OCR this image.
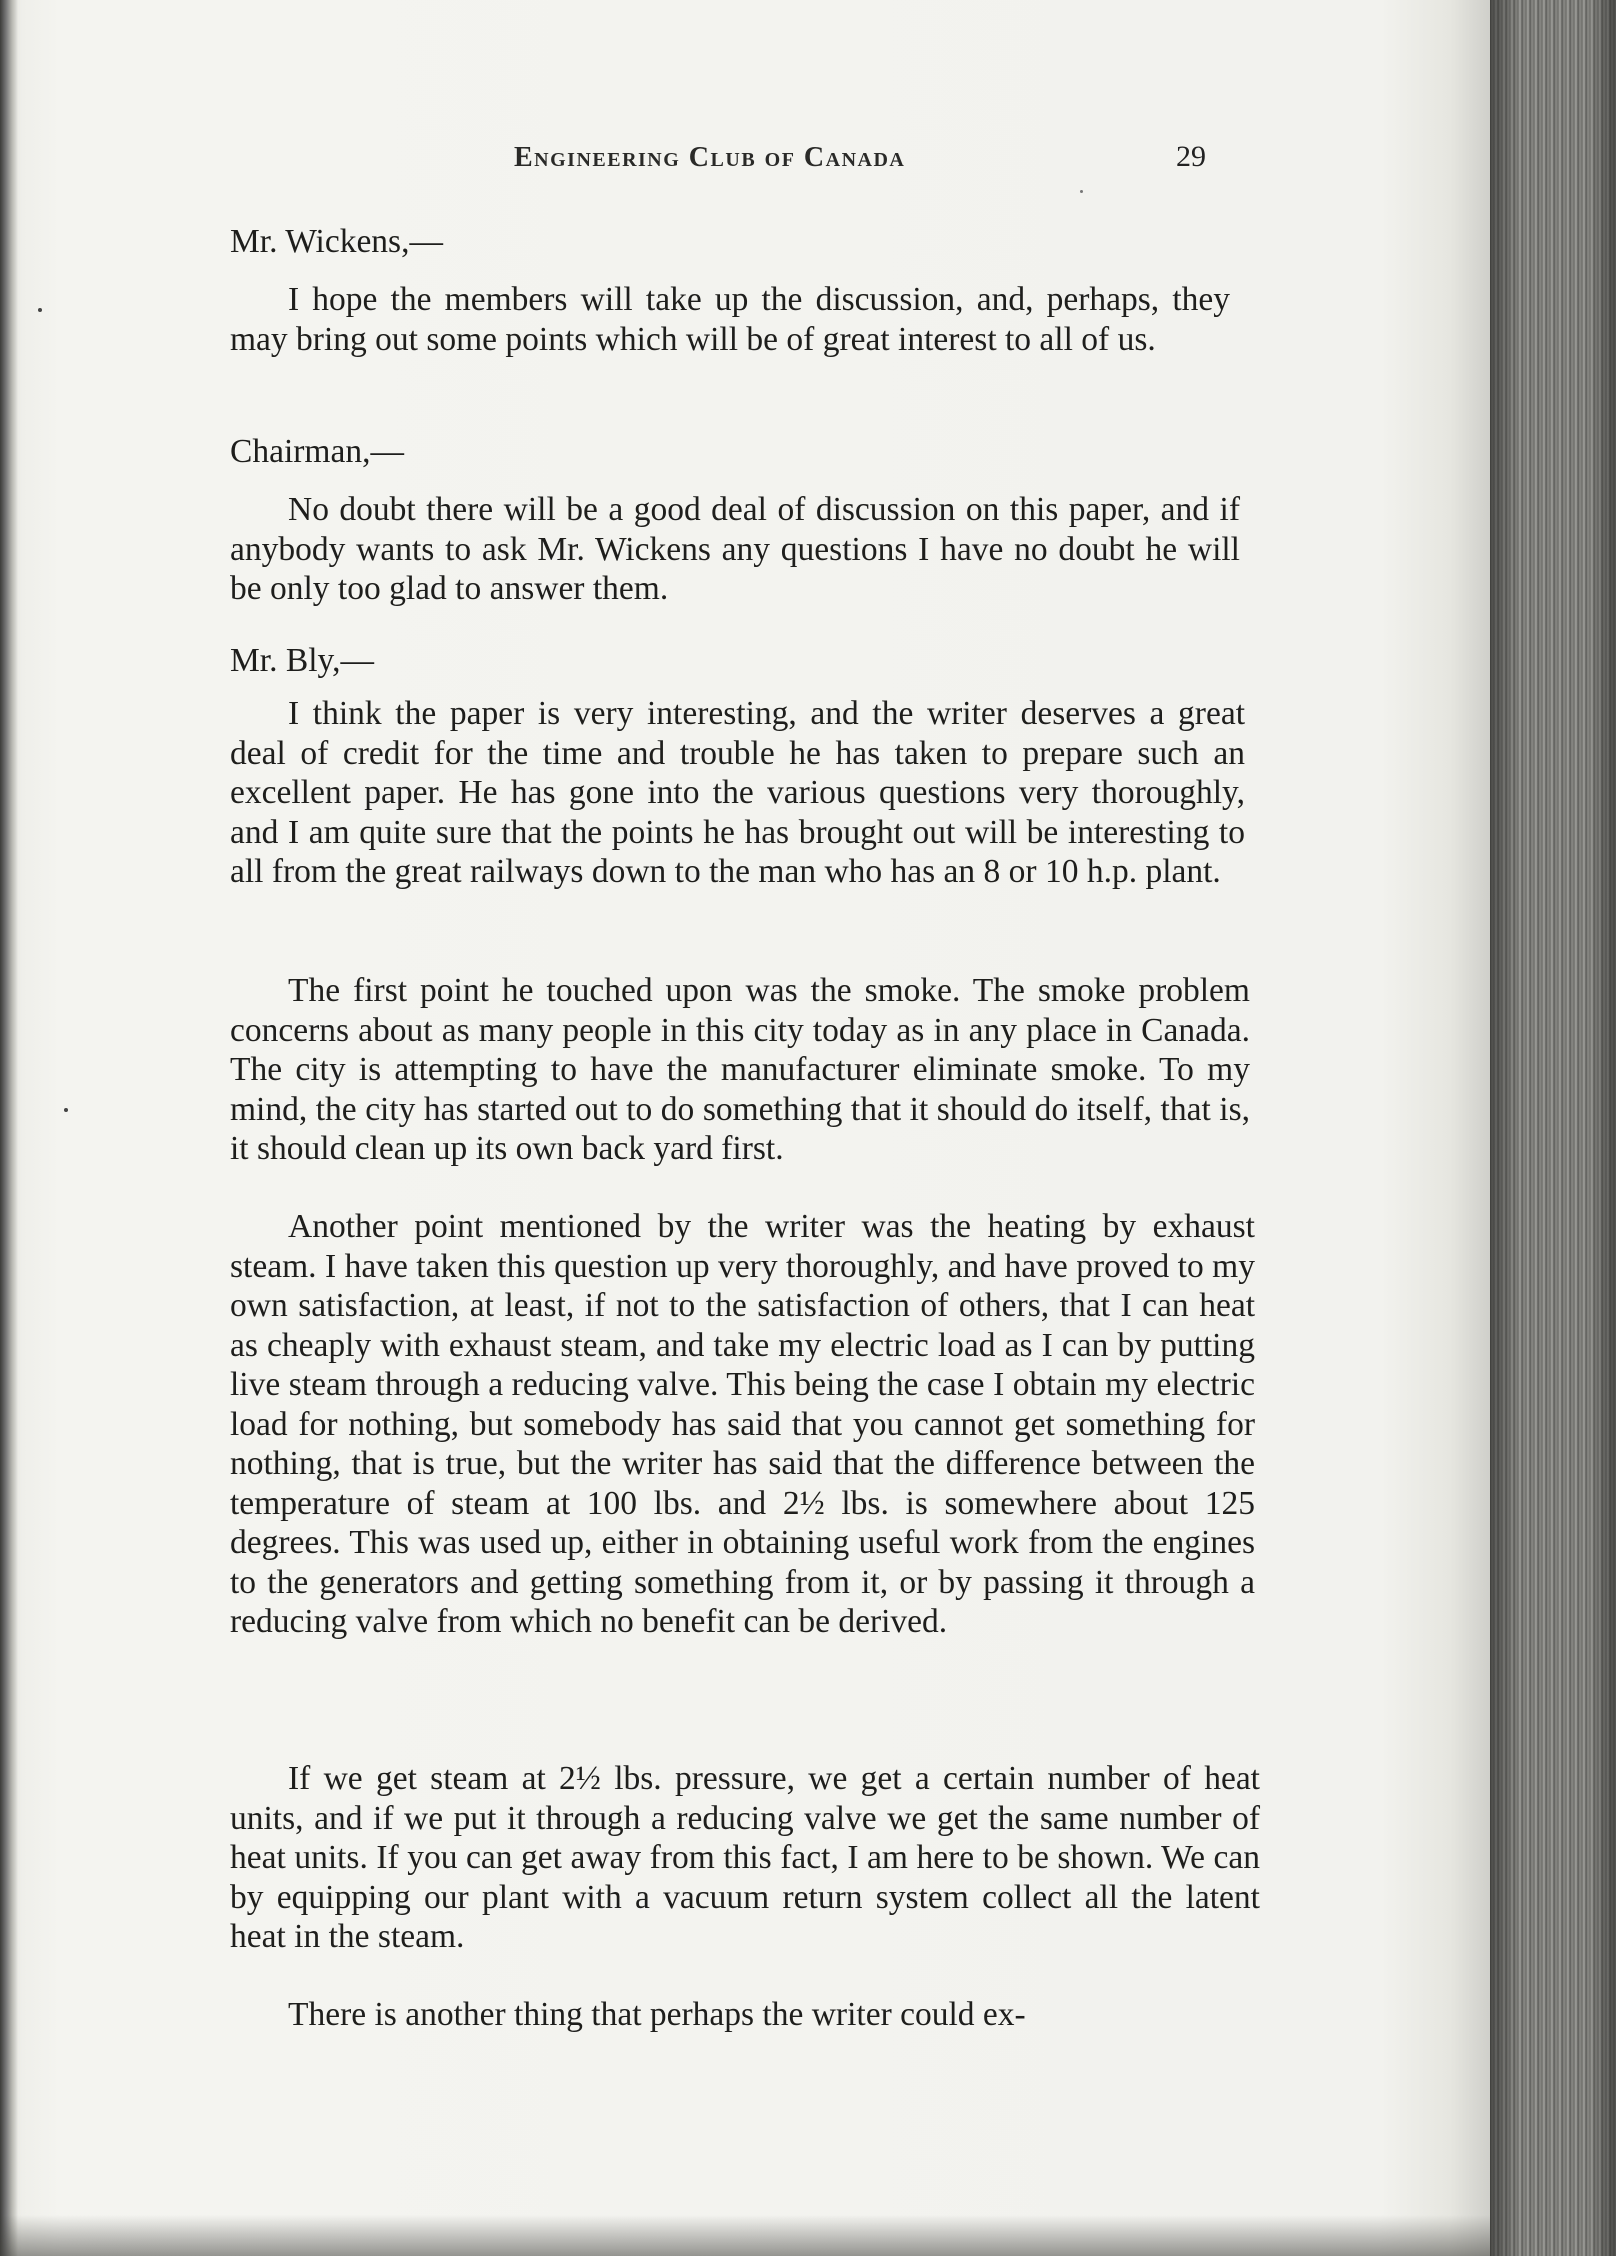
Engineering Club of Canada	29
Mr. Wickens,—
I hope the members will take up the discussion, and, perhaps, they may bring out some points which will be of great interest to all of us.
Chairman,—
No doubt there will be a good deal of discussion on this paper, and if anybody wants to ask Mr. Wickens any questions I have no doubt he will be only too glad to answer them.
Mr. Bly,—
I think the paper is very interesting, and the writer deserves a great deal of credit for the time and trouble he has taken to prepare such an excellent paper. He has gone into the various questions very thoroughly, and I am quite sure that the points he has brought out will be interesting to all from the great railways down to the man who has an 8 or 10 h.p. plant.
The first point he touched upon was the smoke. The smoke problem concerns about as many people in this city today as in any place in Canada. The city is attempting to have the manufacturer eliminate smoke. To my mind, the city has started out to do something that it should do itself, that is, it should clean up its own back yard first.
Another point mentioned by the writer was the heating by exhaust steam. I have taken this question up very thoroughly, and have proved to my own satisfaction, at least, if not to the satisfaction of others, that I can heat as cheaply with exhaust steam, and take my electric load as I can by putting live steam through a reducing valve. This being the case I obtain my electric load for nothing, but somebody has said that you cannot get something for nothing, that is true, but the writer has said that the difference between the temperature of steam at 100 lbs. and 2½ lbs. is somewhere about 125 degrees. This was used up, either in obtaining useful work from the engines to the generators and getting something from it, or by passing it through a reducing valve from which no benefit can be derived.
If we get steam at 2½ lbs. pressure, we get a certain number of heat units, and if we put it through a reducing valve we get the same number of heat units. If you can get away from this fact, I am here to be shown. We can by equipping our plant with a vacuum return system collect all the latent heat in the steam.
There is another thing that perhaps the writer could ex-
